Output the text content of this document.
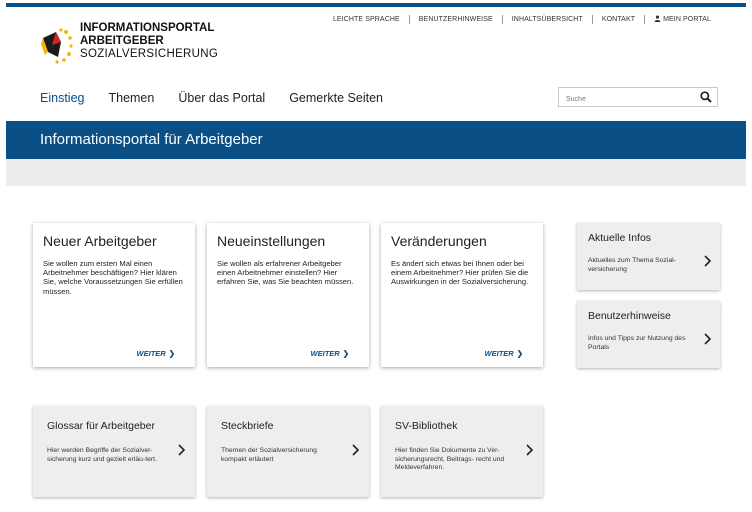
LEICHTE SPRACHE	BENUTZERHINWEISE	INHALTSÜBERSICHT	KONTAKT	MEIN PORTAL
INFORMATIONSPORTAL
ARBEITGEBER
SOZIALVERSICHERUNG
Einstieg Themen Über das Portal Gemerkte Seiten
Suche
Informationsportal für Arbeitgeber
Neuer Arbeitgeber
Sie wollen zum ersten Mal einen Arbeitnehmer beschäftigen? Hier klären Sie, welche Voraussetzungen Sie erfüllen müssen.
WEITER ❯
Neueinstellungen
Sie wollen als erfahrener Arbeitgeber einen Arbeitnehmer einstellen? Hier erfahren Sie, was Sie beachten müssen.
WEITER ❯
Veränderungen
Es ändert sich etwas bei Ihnen oder bei einem Arbeitnehmer? Hier prüfen Sie die Auswirkungen in der Sozialversicherung.
WEITER ❯
Aktuelle Infos
Aktuelles zum Thema Sozial-versicherung
Benutzerhinweise
Infos und Tipps zur Nutzung des Portals
Glossar für Arbeitgeber
Hier werden Begriffe der Sozialver-sicherung kurz und gezielt erläu-tert.
Steckbriefe
Themen der Sozialversicherung kompakt erläutert
SV-Bibliothek
Hier finden Sie Dokumente zu Ver-sicherungsrecht, Beitrags- recht und Meldeverfahren.
